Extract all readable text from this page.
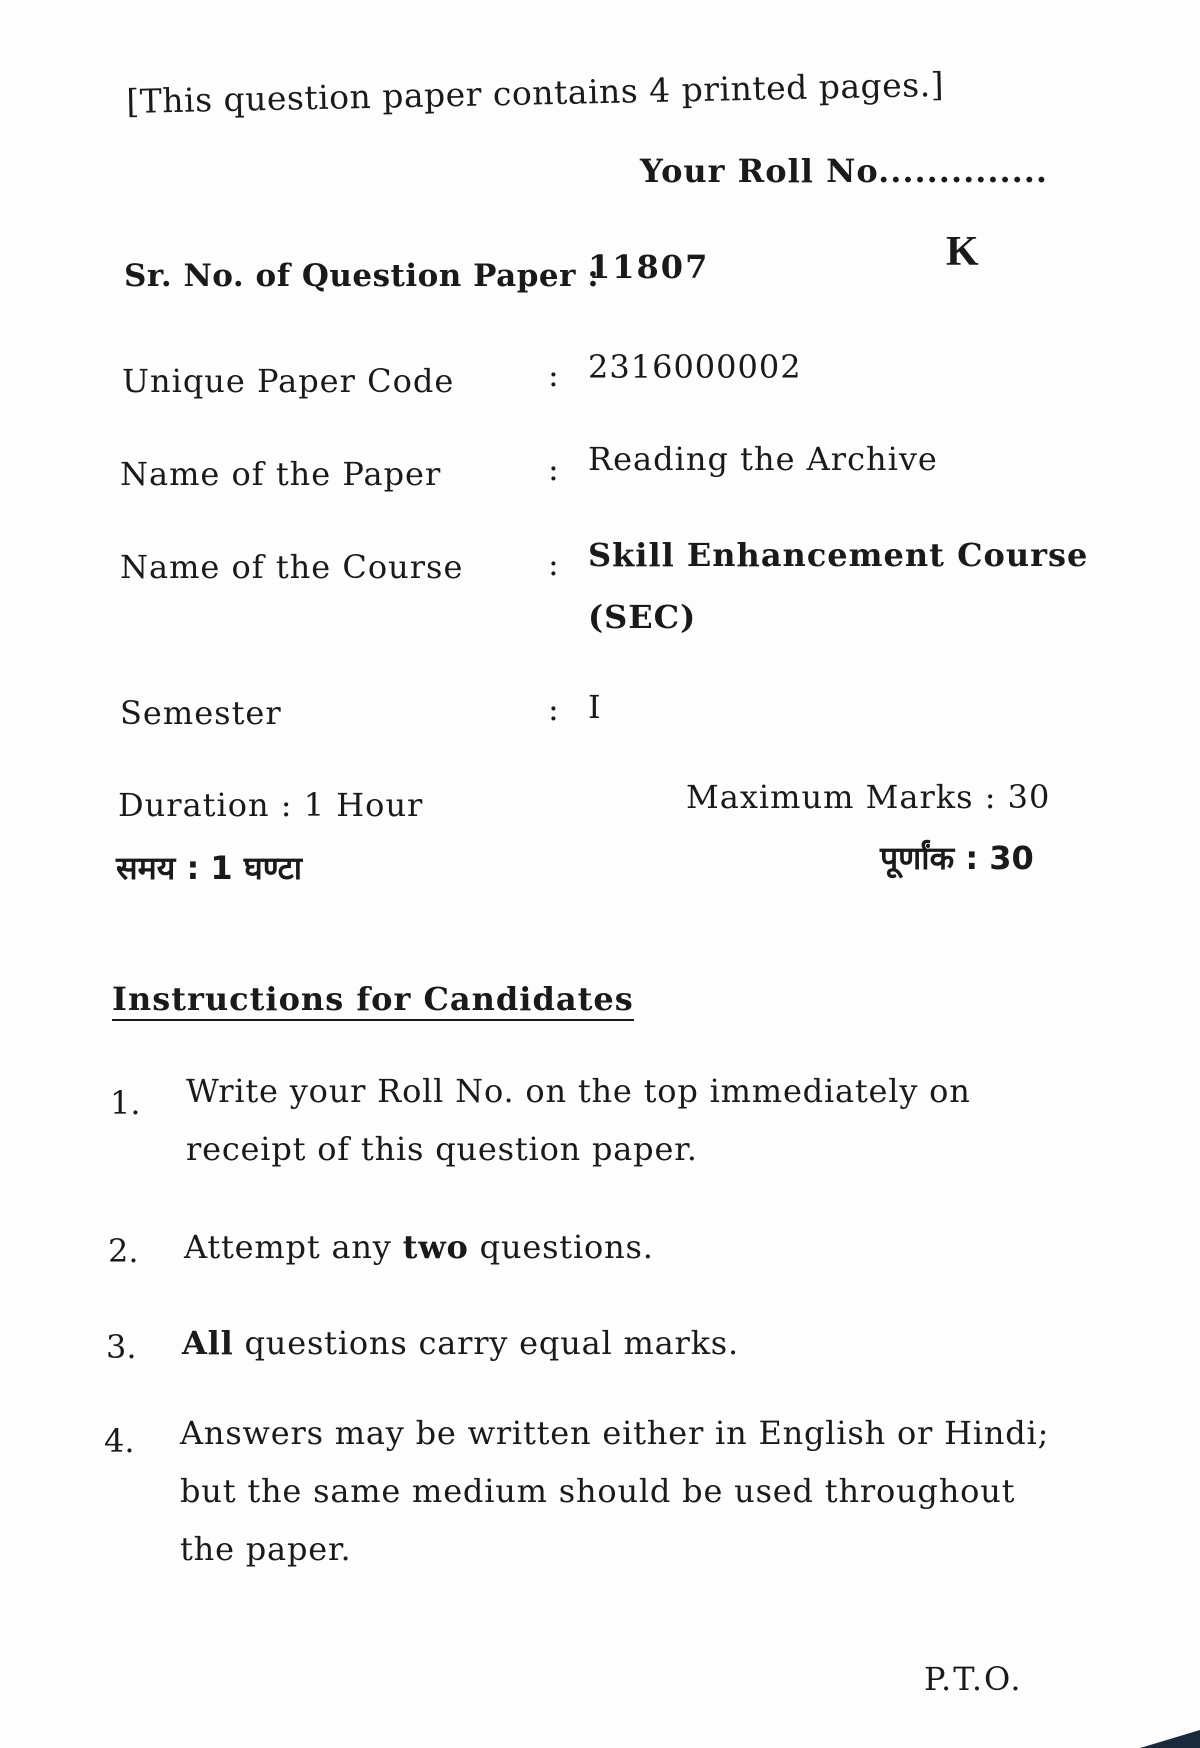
[This question paper contains 4 printed pages.]
Your Roll No..............
K
Sr. No. of Question Paper :
11807
Unique Paper Code	: 2316000002
Name of the Paper	: Reading the Archive
Name of the Course	: Skill Enhancement Course
(SEC)
Semester	: I
Duration : 1 Hour	Maximum Marks : 30
समय : 1 घण्टा	पूर्णांक : 30
Instructions for Candidates
1. Write your Roll No. on the top immediately on receipt of this question paper.
2. Attempt any two questions.
3. All questions carry equal marks.
4. Answers may be written either in English or Hindi; but the same medium should be used throughout the paper.
P.T.O.
